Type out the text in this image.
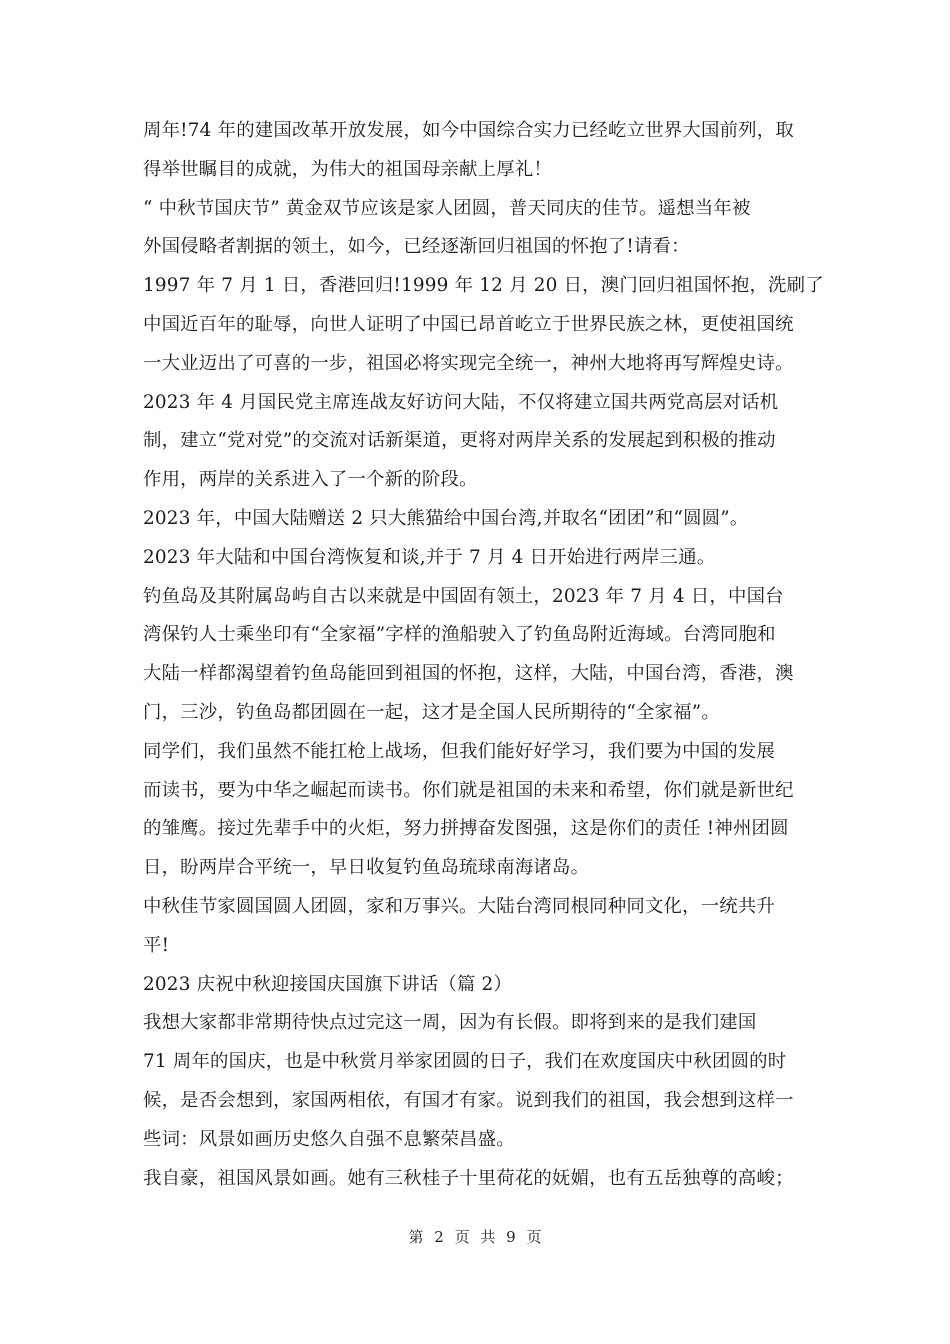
周年!74 年的建国改革开放发展，如今中国综合实力已经屹立世界大国前列，取
得举世瞩目的成就，为伟大的祖国母亲献上厚礼！
“ 中秋节国庆节” 黄金双节应该是家人团圆，普天同庆的佳节。遥想当年被
外国侵略者割据的领土，如今，已经逐渐回归祖国的怀抱了!请看：
1997 年 7 月 1 日，香港回归!1999 年 12 月 20 日，澳门回归祖国怀抱，洗刷了
中国近百年的耻辱，向世人证明了中国已昂首屹立于世界民族之林，更使祖国统
一大业迈出了可喜的一步，祖国必将实现完全统一，神州大地将再写辉煌史诗。
2023 年 4 月国民党主席连战友好访问大陆，不仅将建立国共两党高层对话机
制，建立“党对党”的交流对话新渠道，更将对两岸关系的发展起到积极的推动
作用，两岸的关系进入了一个新的阶段。
2023 年，中国大陆赠送 2 只大熊猫给中国台湾,并取名“团团”和“圆圆”。
2023 年大陆和中国台湾恢复和谈,并于 7 月 4 日开始进行两岸三通。
钓鱼岛及其附属岛屿自古以来就是中国固有领土，2023 年 7 月 4 日，中国台
湾保钓人士乘坐印有“全家福”字样的渔船驶入了钓鱼岛附近海域。台湾同胞和
大陆一样都渴望着钓鱼岛能回到祖国的怀抱，这样，大陆，中国台湾，香港，澳
门，三沙，钓鱼岛都团圆在一起，这才是全国人民所期待的“全家福”。
同学们，我们虽然不能扛枪上战场，但我们能好好学习，我们要为中国的发展
而读书，要为中华之崛起而读书。你们就是祖国的未来和希望，你们就是新世纪
的雏鹰。接过先辈手中的火炬，努力拼搏奋发图强，这是你们的责任 !神州团圆
日，盼两岸合平统一，早日收复钓鱼岛琉球南海诸岛。
中秋佳节家圆国圆人团圆，家和万事兴。大陆台湾同根同种同文化，一统共升
平!
2023 庆祝中秋迎接国庆国旗下讲话（篇 2）
我想大家都非常期待快点过完这一周，因为有长假。即将到来的是我们建国
71 周年的国庆，也是中秋赏月举家团圆的日子，我们在欢度国庆中秋团圆的时
候，是否会想到，家国两相依，有国才有家。说到我们的祖国，我会想到这样一
些词：风景如画历史悠久自强不息繁荣昌盛。
我自豪，祖国风景如画。她有三秋桂子十里荷花的妩媚，也有五岳独尊的高峻；
第 2 页 共 9 页
